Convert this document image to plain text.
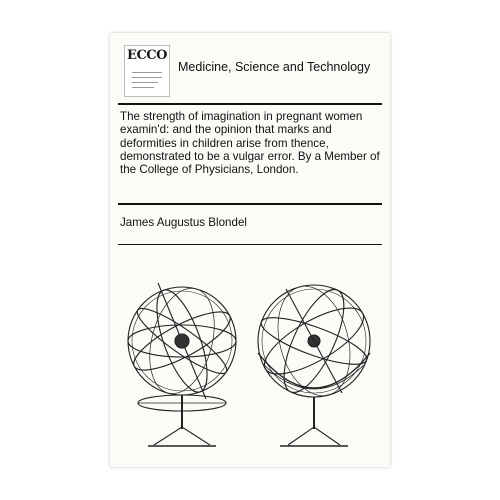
ECCO
Medicine, Science and Technology
The strength of imagination in pregnant women examin'd: and the opinion that marks and deformities in children arise from thence, demonstrated to be a vulgar error. By a Member of the College of Physicians, London.
James Augustus Blondel
